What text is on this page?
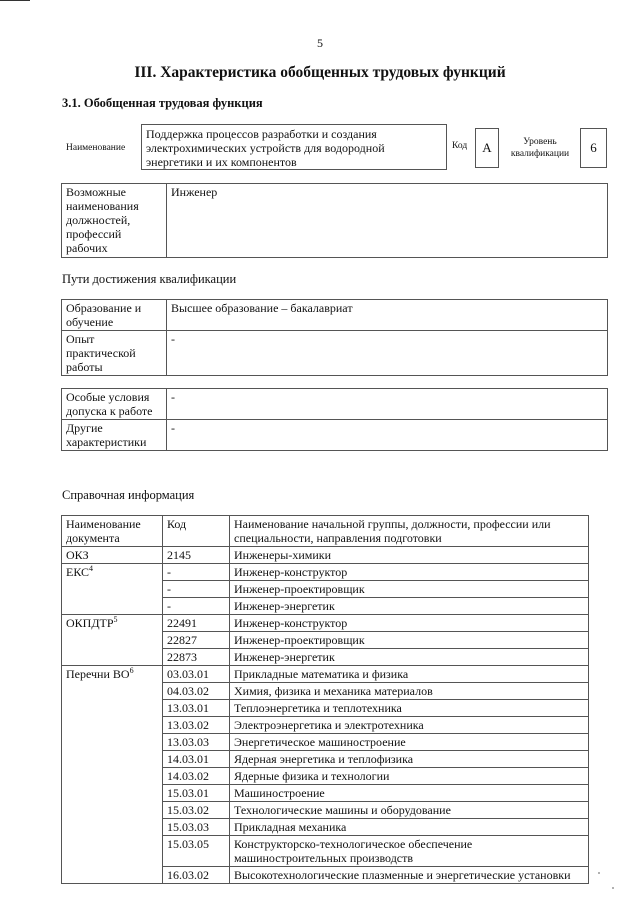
5
III. Характеристика обобщенных трудовых функций
3.1. Обобщенная трудовая функция
Наименование
Поддержка процессов разработки и создания электрохимических устройств для водородной энергетики и их компонентов
Код	А	Уровень квалификации	6
Возможные наименования должностей, профессий рабочих	Инженер
Пути достижения квалификации
Образование и обучение	Высшее образование – бакалавриат
Опыт практической работы	-
Особые условия допуска к работе	-
Другие характеристики	-
Справочная информация
Наименование документа	Код	Наименование начальной группы, должности, профессии или специальности, направления подготовки
ОКЗ	2145	Инженеры-химики
ЕКС$^4$	-	Инженер-конструктор
	-	Инженер-проектировщик
	-	Инженер-энергетик
ОКПДТР$^5$	22491	Инженер-конструктор
	22827	Инженер-проектировщик
	22873	Инженер-энергетик
Перечни $ВО^6$	03.03.01	Прикладные математика и физика
	04.03.02	Химия, физика и механика материалов
	13.03.01	Теплоэнергетика и теплотехника
	13.03.02	Электроэнергетика и электротехника
	13.03.03	Энергетическое машиностроение
	14.03.01	Ядерная энергетика и теплофизика
	14.03.02	Ядерные физика и технологии
	15.03.01	Машиностроение
	15.03.02	Технологические машины и оборудование
	15.03.03	Прикладная механика
	15.03.05	Конструкторско-технологическое обеспечение машиностроительных производств
	16.03.02	Высокотехнологические плазменные и энергетические установки
